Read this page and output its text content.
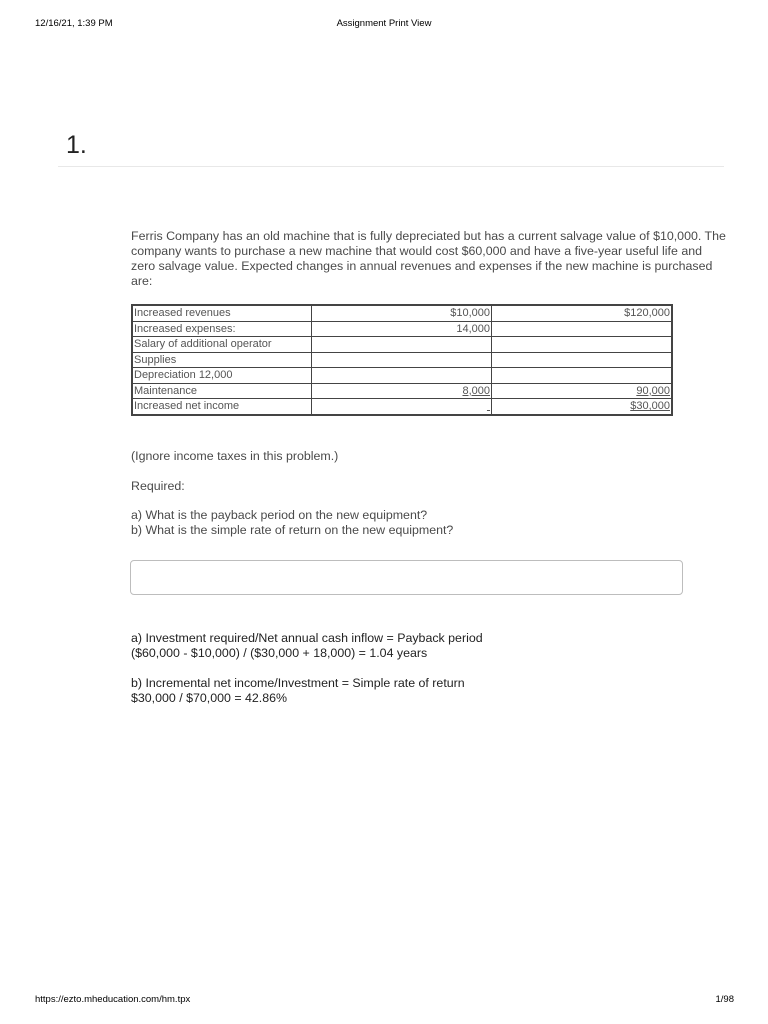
12/16/21, 1:39 PM	Assignment Print View
1.
Ferris Company has an old machine that is fully depreciated but has a current salvage value of $10,000. The company wants to purchase a new machine that would cost $60,000 and have a five-year useful life and zero salvage value. Expected changes in annual revenues and expenses if the new machine is purchased are:
Increased revenues	$10,000	$120,000
Increased expenses:	14,000	
Salary of additional operator		
Supplies		
Depreciation 12,000		
Maintenance	8,000	90,000
Increased net income		$30,000
(Ignore income taxes in this problem.)
Required:
a) What is the payback period on the new equipment?
b) What is the simple rate of return on the new equipment?

a) Investment required/Net annual cash inflow = Payback period

($60,000 - $10,000) / ($30,000 + 18,000) = 1.04 years

b) Incremental net income/Investment = Simple rate of return

$30,000 / $70,000 = 42.86%

https://ezto.mheducation.com/hm.tpx	1/98
